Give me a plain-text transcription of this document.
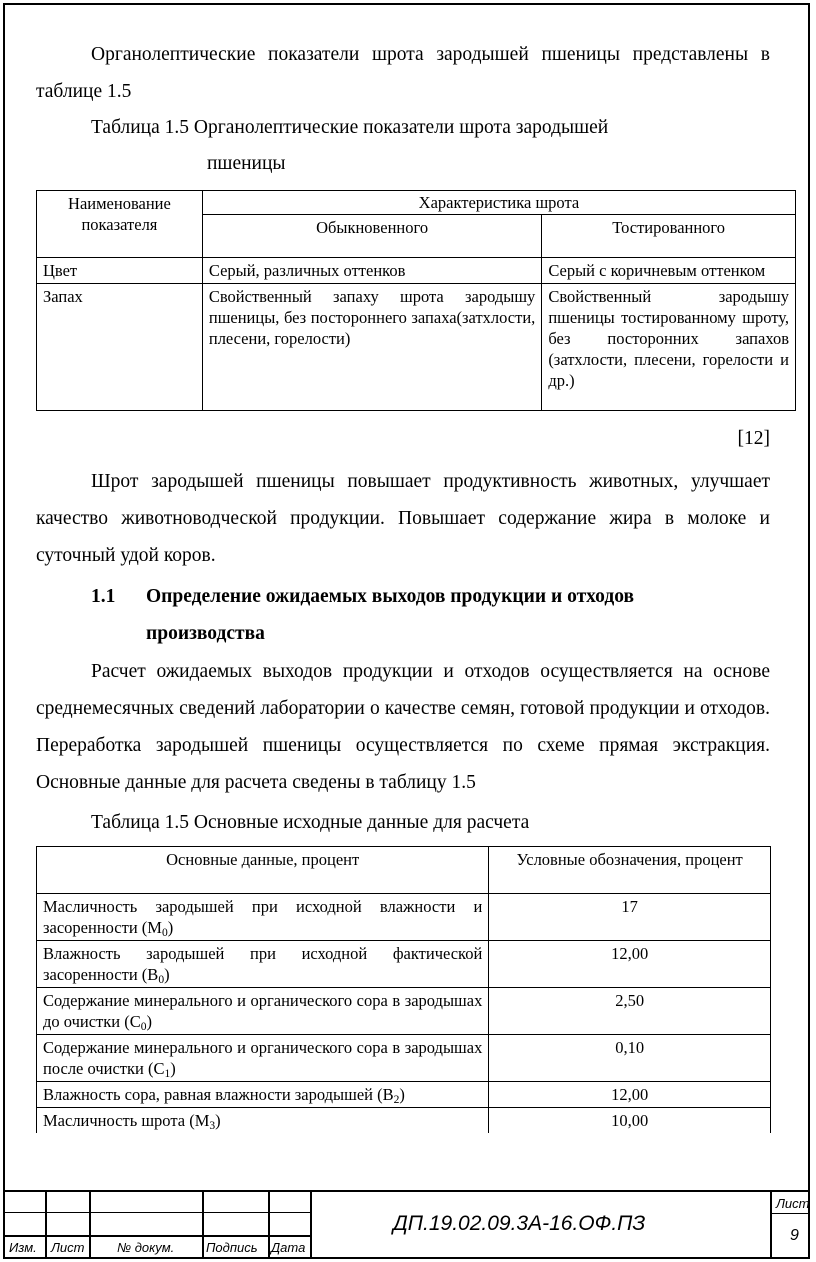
Органолептические показатели шрота зародышей пшеницы представлены в таблице 1.5

Таблица 1.5 Органолептические показатели шрота зародышей

пшеницы

Наименование показателя	Характеристика шрота	
	Обыкновенного	Тостированного
Цвет	Серый, различных оттенков	Серый с коричневым оттенком
Запах	Свойственный запаху шрота зародышу пшеницы, без постороннего запаха(затхлости, плесени, горелости)	Свойственный зародышу пшеницы тостированному шроту, без посторонних запахов (затхлости, плесени, горелости и др.)
[12]

Шрот зародышей пшеницы повышает продуктивность животных, улучшает качество животноводческой продукции. Повышает содержание жира в молоке и суточный удой коров.

1.1 Определение ожидаемых выходов продукции и отходов

производства

Расчет ожидаемых выходов продукции и отходов осуществляется на основе среднемесячных сведений лаборатории о качестве семян, готовой продукции и отходов. Переработка зародышей пшеницы осуществляется по схеме прямая экстракция. Основные данные для расчета сведены в таблицу 1.5

Таблица 1.5 Основные исходные данные для расчета

Основные данные, процент	Условные обозначения, процент
Масличность зародышей при исходной влажности и засоренности $(М_0)$	17
Влажность зародышей при исходной фактической засоренности $(В_0)$	12,00
Содержание минерального и органического сора в зародышах до очистки $(С_0)$	2,50
Содержание минерального и органического сора в зародышах после очистки $(С_1)$	0,10
Влажность сора, равная влажности зародышей $(В_2)$	12,00
Масличность шрота $(М_3)$	10,00
Изм. Лист	№ докум. Подпись Дата
Лист
ДП.19.02.09.3А-16.ОФ.ПЗ
9
